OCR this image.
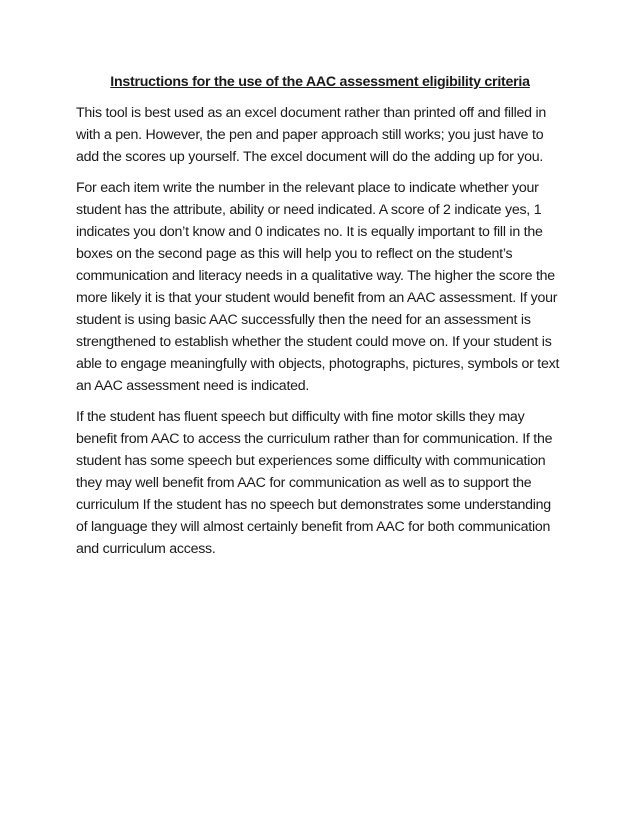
Instructions for the use of the AAC assessment eligibility criteria

This tool is best used as an excel document rather than printed off and filled in with a pen. However, the pen and paper approach still works; you just have to add the scores up yourself. The excel document will do the adding up for you.

For each item write the number in the relevant place to indicate whether your student has the attribute, ability or need indicated. A score of 2 indicate yes, 1 indicates you don’t know and 0 indicates no. It is equally important to fill in the boxes on the second page as this will help you to reflect on the student’s communication and literacy needs in a qualitative way. The higher the score the more likely it is that your student would benefit from an AAC assessment. If your student is using basic AAC successfully then the need for an assessment is strengthened to establish whether the student could move on. If your student is able to engage meaningfully with objects, photographs, pictures, symbols or text an AAC assessment need is indicated.

If the student has fluent speech but difficulty with fine motor skills they may benefit from AAC to access the curriculum rather than for communication. If the student has some speech but experiences some difficulty with communication they may well benefit from AAC for communication as well as to support the curriculum If the student has no speech but demonstrates some understanding of language they will almost certainly benefit from AAC for both communication and curriculum access.
